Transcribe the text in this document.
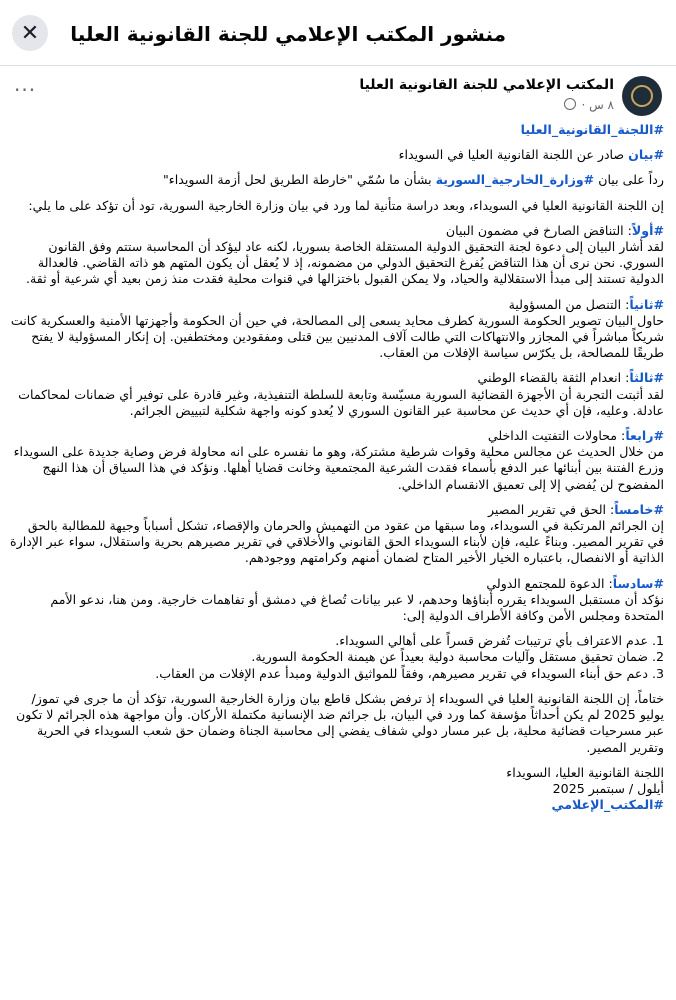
✕ منشور المكتب الإعلامي للجنة القانونية العليا
المكتب الإعلامي للجنة القانونية العليا
٨ س ·
···

#اللجنة_القانونية_العليا

#بيان صادر عن اللجنة القانونية العليا في السويداء

رداً على بيان #وزارة_الخارجية_السورية بشأن ما سُمّي "خارطة الطريق لحل أزمة السويداء"

إن اللجنة القانونية العليا في السويداء، وبعد دراسة متأنية لما ورد في بيان وزارة الخارجية السورية، تود أن تؤكد على ما يلي:

#أولاً: التناقض الصارخ في مضمون البيان
لقد أشار البيان إلى دعوة لجنة التحقيق الدولية المستقلة الخاصة بسوريا، لكنه عاد ليؤكد أن المحاسبة ستتم وفق القانون السوري. نحن نرى أن هذا التناقض يُفرغ التحقيق الدولي من مضمونه، إذ لا يُعقل أن يكون المتهم هو ذاته القاضي. فالعدالة الدولية تستند إلى مبدأ الاستقلالية والحياد، ولا يمكن القبول باختزالها في قنوات محلية فقدت منذ زمن بعيد أي شرعية أو ثقة.

#ثانياً: التنصل من المسؤولية
حاول البيان تصوير الحكومة السورية كطرف محايد يسعى إلى المصالحة، في حين أن الحكومة وأجهزتها الأمنية والعسكرية كانت شريكاً مباشراً في المجازر والانتهاكات التي طالت آلاف المدنيين بين قتلى ومفقودين ومختطفين. إن إنكار المسؤولية لا يفتح طريقًا للمصالحة، بل يكرّس سياسة الإفلات من العقاب.

#ثالثاً: انعدام الثقة بالقضاء الوطني
لقد أثبتت التجربة أن الأجهزة القضائية السورية مسيّسة وتابعة للسلطة التنفيذية، وغير قادرة على توفير أي ضمانات لمحاكمات عادلة. وعليه، فإن أي حديث عن محاسبة عبر القانون السوري لا يُعدو كونه واجهة شكلية لتبييض الجرائم.

#رابعاً: محاولات التفتيت الداخلي
من خلال الحديث عن مجالس محلية وقوات شرطية مشتركة، وهو ما نفسره على انه محاولة فرض وصاية جديدة على السويداء وزرع الفتنة بين أبنائها عبر الدفع بأسماء فقدت الشرعية المجتمعية وخانت قضايا أهلها. ونؤكد في هذا السياق أن هذا النهج المفضوح لن يُفضي إلا إلى تعميق الانقسام الداخلي.

#خامساً: الحق في تقرير المصير
إن الجرائم المرتكبة في السويداء، وما سبقها من عقود من التهميش والحرمان والإقصاء، تشكل أسباباً وجيهة للمطالبة بالحق في تقرير المصير. وبناءً عليه، فإن لأبناء السويداء الحق القانوني والأخلاقي في تقرير مصيرهم بحرية واستقلال، سواء عبر الإدارة الذاتية أو الانفصال، باعتباره الخيار الأخير المتاح لضمان أمنهم وكرامتهم ووجودهم.

#سادساً: الدعوة للمجتمع الدولي
نؤكد أن مستقبل السويداء يقرره أبناؤها وحدهم، لا عبر بيانات تُصاغ في دمشق أو تفاهمات خارجية. ومن هنا، ندعو الأمم المتحدة ومجلس الأمن وكافة الأطراف الدولية إلى:

1. عدم الاعتراف بأي ترتيبات تُفرض قسراً على أهالي السويداء.
2. ضمان تحقيق مستقل وآليات محاسبة دولية بعيداً عن هيمنة الحكومة السورية.
3. دعم حق أبناء السويداء في تقرير مصيرهم، وفقاً للمواثيق الدولية ومبدأ عدم الإفلات من العقاب.

ختاماً، إن اللجنة القانونية العليا في السويداء إذ ترفض بشكل قاطع بيان وزارة الخارجية السورية، تؤكد أن ما جرى في تموز/يوليو 2025 لم يكن أحداثاً مؤسفة كما ورد في البيان، بل جرائم ضد الإنسانية مكتملة الأركان. وأن مواجهة هذه الجرائم لا تكون عبر مسرحيات قضائية محلية، بل عبر مسار دولي شفاف يفضي إلى محاسبة الجناة وضمان حق شعب السويداء في الحرية وتقرير المصير.

اللجنة القانونية العليا، السويداء
أيلول / سبتمبر 2025
#المكتب_الإعلامي
